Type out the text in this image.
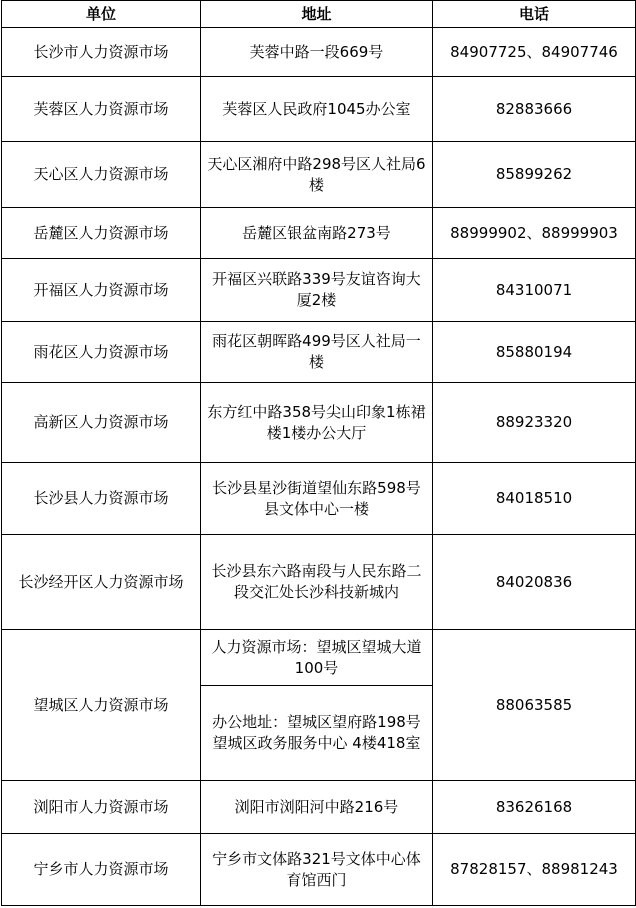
单位	地址	电话
长沙市人力资源市场	芙蓉中路一段669号	84907725、84907746
芙蓉区人力资源市场	芙蓉区人民政府1045办公室	82883666
天心区人力资源市场	天心区湘府中路298号区人社局6楼	85899262
岳麓区人力资源市场	岳麓区银盆南路273号	88999902、88999903
开福区人力资源市场	开福区兴联路339号友谊咨询大厦2楼	84310071
雨花区人力资源市场	雨花区朝晖路499号区人社局一楼	85880194
高新区人力资源市场	东方红中路358号尖山印象1栋裙楼1楼办公大厅	88923320
长沙县人力资源市场	长沙县星沙街道望仙东路598号县文体中心一楼	84018510
长沙经开区人力资源市场	长沙县东六路南段与人民东路二段交汇处长沙科技新城内	84020836
望城区人力资源市场	人力资源市场：望城区望城大道100号	88063585
	办公地址：望城区望府路198号望城区政务服务中心 4楼418室	
浏阳市人力资源市场	浏阳市浏阳河中路216号	83626168
宁乡市人力资源市场	宁乡市文体路321号文体中心体育馆西门	87828157、88981243
